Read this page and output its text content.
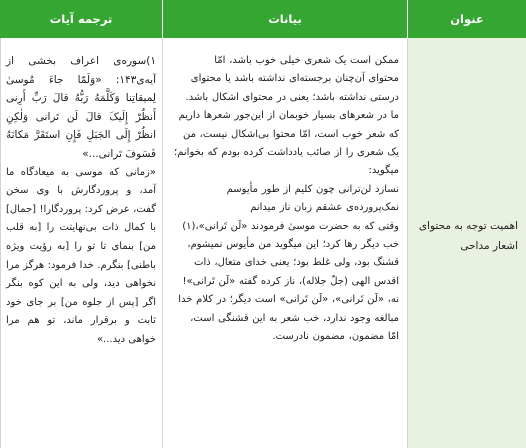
عنوان
بیانات
ترجمه آیات
اهمیت توجه به محتوای اشعار مداحی

ممکن است یک شعری خیلی خوب باشد، امّا

محتوای آن‌چنان برجسته‌ای نداشته باشد یا محتوای

درستی نداشته باشد؛ یعنی در محتوای اشکال باشد.

ما در شعرهای بسیار خوبمان از این‌جور شعرها داریم

که شعر خوب است، امّا محتوا بی‌اشکال نیست، من

یک شعری را از صائب یادداشت کرده بودم که بخوانم؛

میگوید:

نسازد لن‌ترانی چون کلیم از طور مأیوسم

نمک‌پرورده‌ی عشقم زبان ناز میدانم

وقتی که به حضرت موسیٰ فرمودند «لَن تَرانی»،(۱)

خب دیگر رها کرد؛ این میگوید من مأیوس نمیشوم،

قشنگ بود، ولی غلط بود؛ یعنی خدای متعال، ذات

اقدس الهی (جلّ جلاله)، ناز کرده گفته «لَن تَرانی»!

نه، «لَن تَرانی»، «لَن تَرانی» است دیگر؛ در کلام خدا

مبالغه وجود ندارد، خب شعر به این قشنگی است،

امّا مضمون، مضمون نادرست.

۱)سوره‌ی اعراف بخشی از آیه‌ی۱۴۳: «وَلَمّا جاءَ مُوسیٰ لِمیقاتِنا وَکَلَّمَهُ رَبُّهُ قالَ رَبِّ أَرِنی أَنظُرْ إِلَیکَ قالَ لَن تَرانی وَلٰکِنِ انظُرْ إِلَی الجَبَلِ فَإِنِ استَقَرَّ مَکانَهُ فَسَوفَ تَرانی...»

«زمانی که موسی به میعادگاه ما آمد، و پروردگارش با وی سخن گفت، عرض کرد: پروردگارا! [جمال] با کمال ذات بی‌نهایتت را [به قلب من] بنمای تا تو را [به رؤیت ویژه باطنی] بنگرم. خدا فرمود: هرگز مرا نخواهی دید، ولی به این کوه بنگر اگر [پس از جلوه من] بر جای خود ثابت و برقرار ماند، تو هم مرا خواهی دید...»
